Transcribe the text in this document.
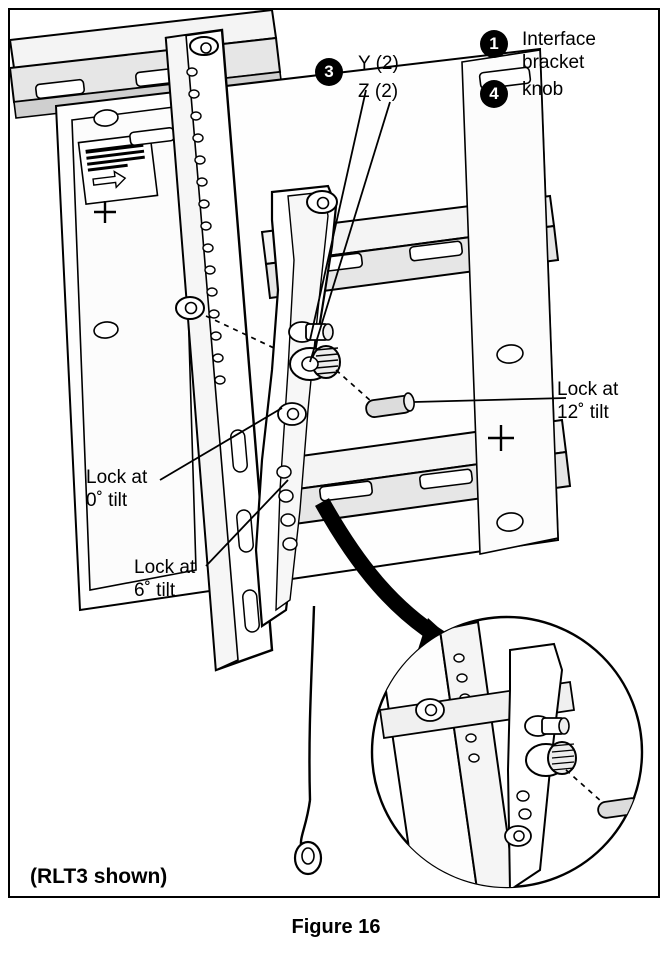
3	Y (2)
Z (2)
1	Interface
bracket
4	knob
Lock at
12˚ tilt
Lock at
0˚ tilt
Lock at
6˚ tilt
(RLT3 shown)
Figure 16
